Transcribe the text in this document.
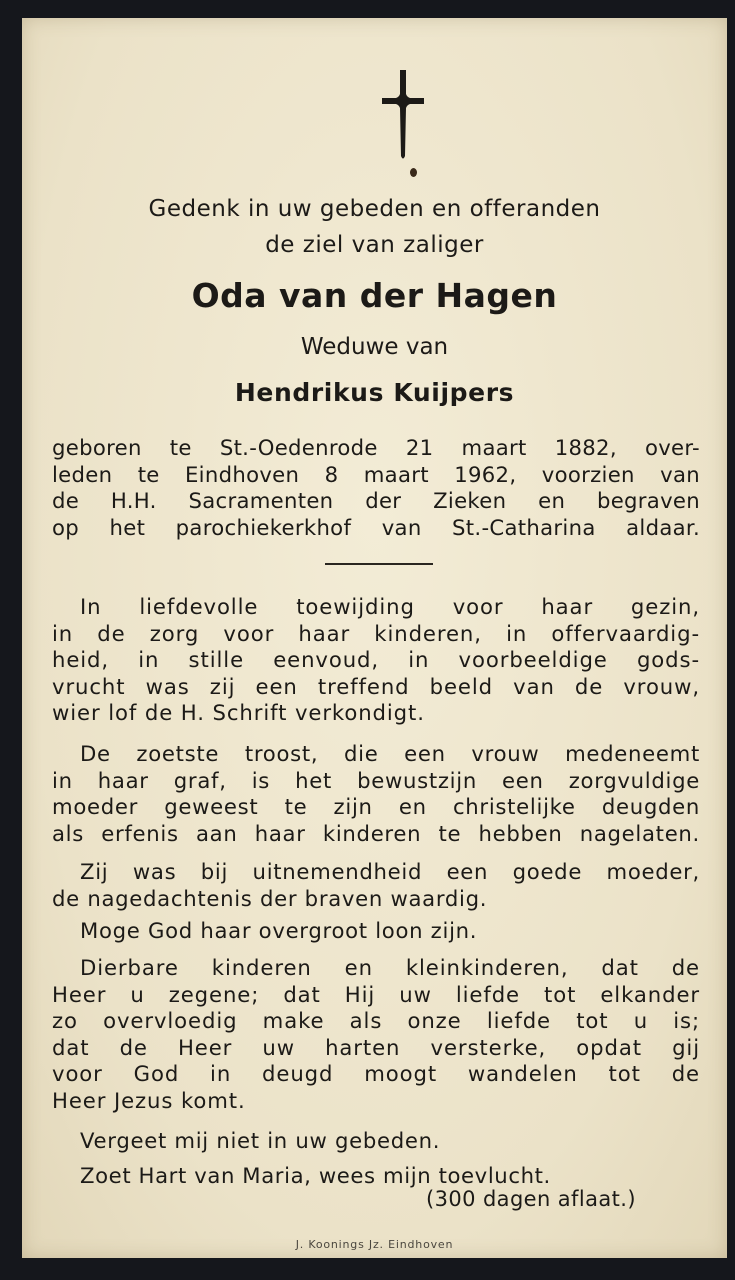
Gedenk in uw gebeden en offeranden
de ziel van zaliger
Oda van der Hagen
Weduwe van
Hendrikus Kuijpers
geboren te St.-Oedenrode 21 maart 1882, over-
leden te Eindhoven 8 maart 1962, voorzien van
de H.H. Sacramenten der Zieken en begraven
op het parochiekerkhof van St.-Catharina aldaar.
In liefdevolle toewijding voor haar gezin,
in de zorg voor haar kinderen, in offervaardig-
heid, in stille eenvoud, in voorbeeldige gods-
vrucht was zij een treffend beeld van de vrouw,
wier lof de H. Schrift verkondigt.
De zoetste troost, die een vrouw medeneemt
in haar graf, is het bewustzijn een zorgvuldige
moeder geweest te zijn en christelijke deugden
als erfenis aan haar kinderen te hebben nagelaten.
Zij was bij uitnemendheid een goede moeder,
de nagedachtenis der braven waardig.
Moge God haar overgroot loon zijn.
Dierbare kinderen en kleinkinderen, dat de
Heer u zegene; dat Hij uw liefde tot elkander
zo overvloedig make als onze liefde tot u is;
dat de Heer uw harten versterke, opdat gij
voor God in deugd moogt wandelen tot de
Heer Jezus komt.
Vergeet mij niet in uw gebeden.
Zoet Hart van Maria, wees mijn toevlucht.
(300 dagen aflaat.)
J. Koonings Jz. Eindhoven
